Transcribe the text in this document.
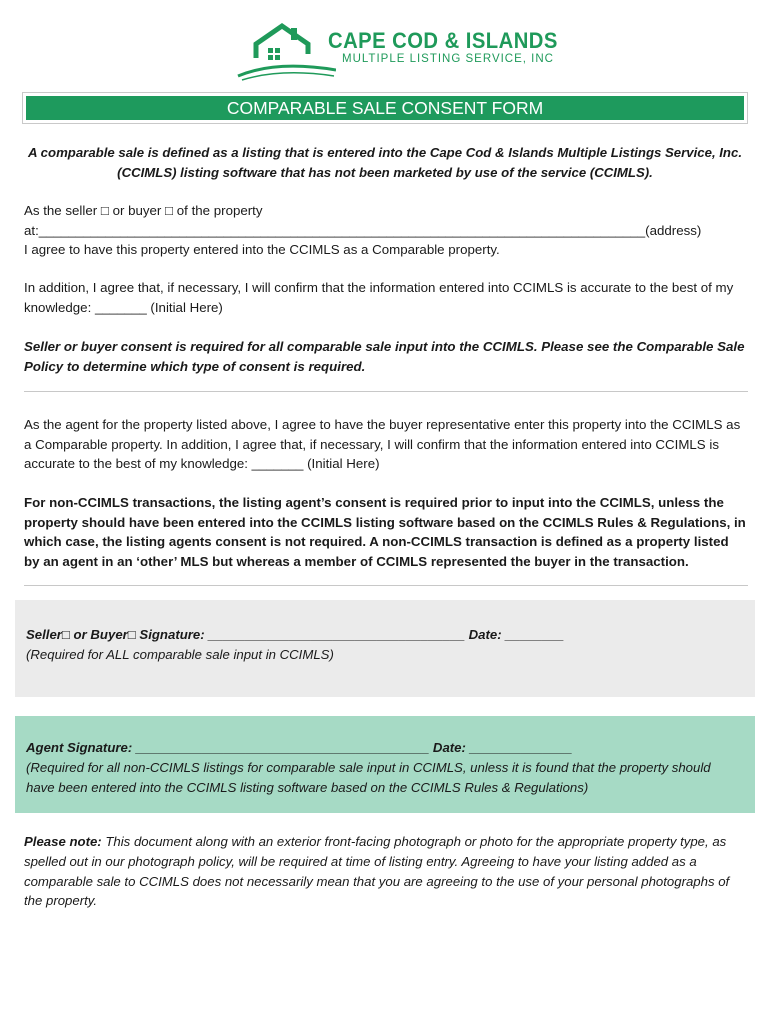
CAPE COD & ISLANDS
MULTIPLE LISTING SERVICE, INC
COMPARABLE SALE CONSENT FORM
A comparable sale is defined as a listing that is entered into the Cape Cod & Islands Multiple Listings Service, Inc. (CCIMLS) listing software that has not been marketed by use of the service (CCIMLS).

As the seller □ or buyer □ of the property
at:__________________________________________________________________________________(address)
I agree to have this property entered into the CCIMLS as a Comparable property.

In addition, I agree that, if necessary, I will confirm that the information entered into CCIMLS is accurate to the best of my knowledge: _______ (Initial Here)

Seller or buyer consent is required for all comparable sale input into the CCIMLS. Please see the Comparable Sale Policy to determine which type of consent is required.

As the agent for the property listed above, I agree to have the buyer representative enter this property into the CCIMLS as a Comparable property. In addition, I agree that, if necessary, I will confirm that the information entered into CCIMLS is accurate to the best of my knowledge: _______ (Initial Here)

For non-CCIMLS transactions, the listing agent’s consent is required prior to input into the CCIMLS, unless the property should have been entered into the CCIMLS listing software based on the CCIMLS Rules & Regulations, in which case, the listing agents consent is not required. A non-CCIMLS transaction is defined as a property listed by an agent in an ‘other’ MLS but whereas a member of CCIMLS represented the buyer in the transaction.

Seller□ or Buyer□ Signature: ___________________________________ Date: ________
(Required for ALL comparable sale input in CCIMLS)
Agent Signature: ________________________________________ Date: ______________
(Required for all non-CCIMLS listings for comparable sale input in CCIMLS, unless it is found that the property should have been entered into the CCIMLS listing software based on the CCIMLS Rules & Regulations)
Please note: This document along with an exterior front-facing photograph or photo for the appropriate property type, as spelled out in our photograph policy, will be required at time of listing entry. Agreeing to have your listing added as a comparable sale to CCIMLS does not necessarily mean that you are agreeing to the use of your personal photographs of the property.
